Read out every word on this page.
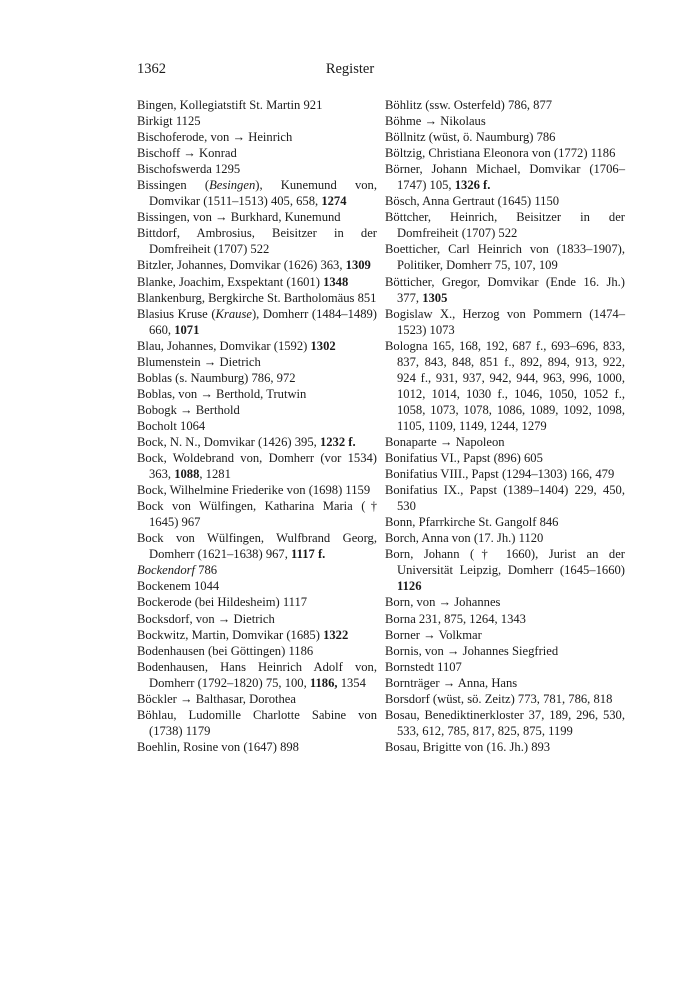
1362	Register

Bingen, Kollegiatstift St. Martin 921

Birkigt 1125

Bischoferode, von → Heinrich

Bischoff → Konrad

Bischofswerda 1295

Bissingen (Besingen), Kunemund von, Domvikar (1511–1513) 405, 658, 1274

Bissingen, von → Burkhard, Kunemund

Bittdorf, Ambrosius, Beisitzer in der Domfreiheit (1707) 522

Bitzler, Johannes, Domvikar (1626) 363, 1309

Blanke, Joachim, Exspektant (1601) 1348

Blankenburg, Bergkirche St. Bartholomäus 851

Blasius Kruse (Krause), Domherr (1484–1489) 660, 1071

Blau, Johannes, Domvikar (1592) 1302

Blumenstein → Dietrich

Boblas (s. Naumburg) 786, 972

Boblas, von → Berthold, Trutwin

Bobogk → Berthold

Bocholt 1064

Bock, N. N., Domvikar (1426) 395, 1232 f.

Bock, Woldebrand von, Domherr (vor 1534) 363, 1088, 1281

Bock, Wilhelmine Friederike von (1698) 1159

Bock von Wülfingen, Katharina Maria († 1645) 967

Bock von Wülfingen, Wulfbrand Georg, Domherr (1621–1638) 967, 1117 f.

Bockendorf 786

Bockenem 1044

Bockerode (bei Hildesheim) 1117

Bocksdorf, von → Dietrich

Bockwitz, Martin, Domvikar (1685) 1322

Bodenhausen (bei Göttingen) 1186

Bodenhausen, Hans Heinrich Adolf von, Domherr (1792–1820) 75, 100, 1186, 1354

Böckler → Balthasar, Dorothea

Böhlau, Ludomille Charlotte Sabine von (1738) 1179

Boehlin, Rosine von (1647) 898

Böhlitz (ssw. Osterfeld) 786, 877

Böhme → Nikolaus

Böllnitz (wüst, ö. Naumburg) 786

Böltzig, Christiana Eleonora von (1772) 1186

Börner, Johann Michael, Domvikar (1706–1747) 105, 1326 f.

Bösch, Anna Gertraut (1645) 1150

Böttcher, Heinrich, Beisitzer in der Domfreiheit (1707) 522

Boetticher, Carl Heinrich von (1833–1907), Politiker, Domherr 75, 107, 109

Bötticher, Gregor, Domvikar (Ende 16. Jh.) 377, 1305

Bogislaw X., Herzog von Pommern (1474–1523) 1073

Bologna 165, 168, 192, 687 f., 693–696, 833, 837, 843, 848, 851 f., 892, 894, 913, 922, 924 f., 931, 937, 942, 944, 963, 996, 1000, 1012, 1014, 1030 f., 1046, 1050, 1052 f., 1058, 1073, 1078, 1086, 1089, 1092, 1098, 1105, 1109, 1149, 1244, 1279

Bonaparte → Napoleon

Bonifatius VI., Papst (896) 605

Bonifatius VIII., Papst (1294–1303) 166, 479

Bonifatius IX., Papst (1389–1404) 229, 450, 530

Bonn, Pfarrkirche St. Gangolf 846

Borch, Anna von (17. Jh.) 1120

Born, Johann († 1660), Jurist an der Universität Leipzig, Domherr (1645–1660) 1126

Born, von → Johannes

Borna 231, 875, 1264, 1343

Borner → Volkmar

Bornis, von → Johannes Siegfried

Bornstedt 1107

Bornträger → Anna, Hans

Borsdorf (wüst, sö. Zeitz) 773, 781, 786, 818

Bosau, Benediktinerkloster 37, 189, 296, 530, 533, 612, 785, 817, 825, 875, 1199

Bosau, Brigitte von (16. Jh.) 893
